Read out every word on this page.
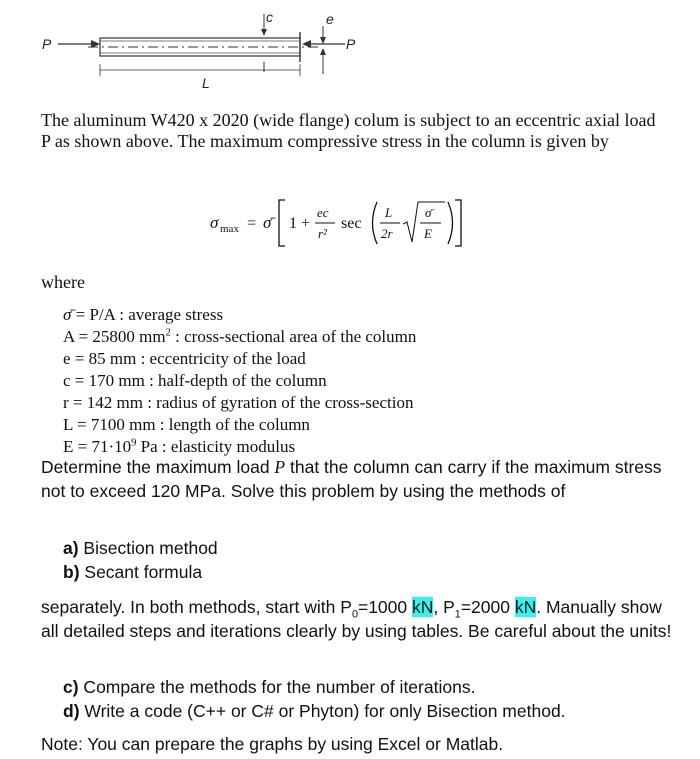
P	P
c	e
L
The aluminum W420 x 2020 (wide flange) colum is subject to an eccentric axial load P as shown above. The maximum compressive stress in the column is given by
σ max = σ̄	1 +
ec
r²
sec
L
2r
σ̄
E
where
σ̄ = P/A : average stress
A = 25800 $mm^2$ : cross-sectional area of the column
e = 85 mm : eccentricity of the load
c = 170 mm : half-depth of the column
r = 142 mm : radius of gyration of the cross-section
L = 7100 mm : length of the column
$E = 71\cdot 10^9$ Pa : elasticity modulus
Determine the maximum load P that the column can carry if the maximum stress not to exceed 120 MPa. Solve this problem by using the methods of
a) Bisection method
b) Secant formula
separately. In both methods, start with $P_0=1000$ kN, $P_1=2000$ kN. Manually show all detailed steps and iterations clearly by using tables. Be careful about the units!
c) Compare the methods for the number of iterations.
d) Write a code (C++ or C# or Phyton) for only Bisection method.
Note: You can prepare the graphs by using Excel or Matlab.
